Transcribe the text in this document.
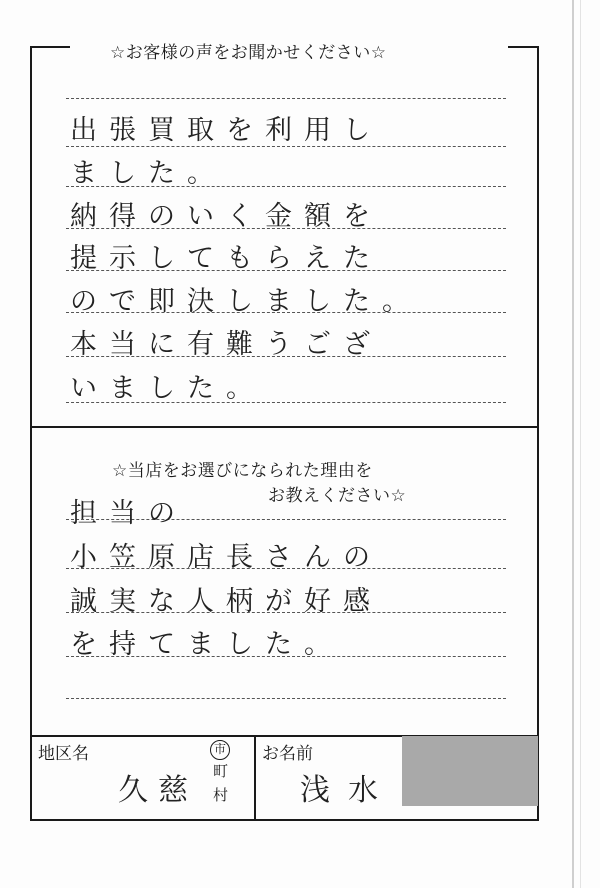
☆お客様の声をお聞かせください☆
出張買取を利用し
ました。
納得のいく金額を
提示してもらえた
ので即決しました。
本当に有難うござ
いました。
☆当店をお選びになられた理由を
お教えください☆
担当の
小笠原店長さんの
誠実な人柄が好感
を持てました。
地区名
久慈
市
町
村
お名前
浅水
